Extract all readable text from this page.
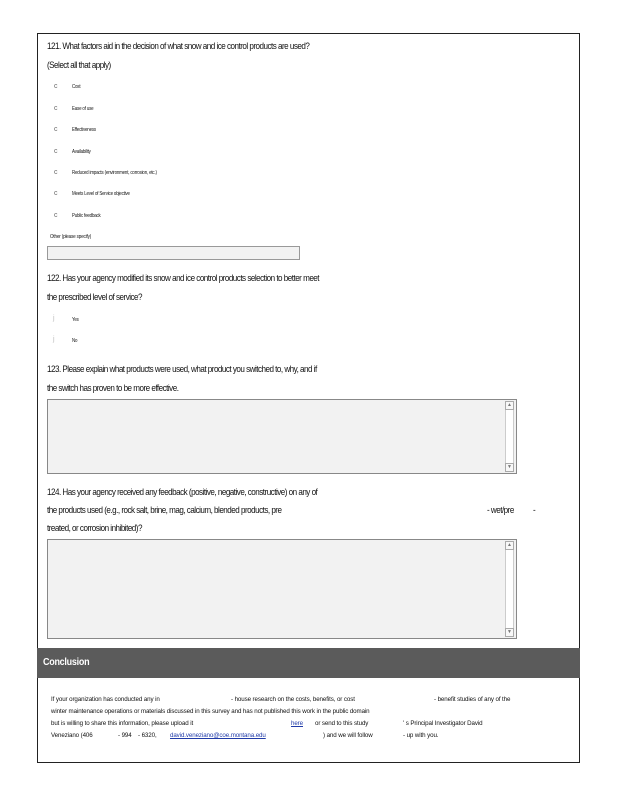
121. What factors aid in the decision of what snow and ice control products are used?
(Select all that apply)
c	Cost
c	Ease of use
c	Effectiveness
c	Availability
c	Reduced impacts (environment, corrosion, etc.)
c	Meets Level of Service objective
c	Public feedback
Other (please specify)
122. Has your agency modified its snow and ice control products selection to better meet
the prescribed level of service?
j	Yes
j	No
123. Please explain what products were used, what product you switched to, why, and if
the switch has proven to be more effective.
▲
▼
124. Has your agency received any feedback (positive, negative, constructive) on any of
the products used (e.g., rock salt, brine, mag, calcium, blended products, pre	- wet/pre -
treated, or corrosion inhibited)?
▲
▼
Conclusion
If your organization has conducted any in	- house research on the costs, benefits, or cost	- benefit studies of any of the
winter maintenance operations or materials discussed in this survey and has not published this work in the public domain
but is willing to share this information, please upload it	here	or send to this study	' s Principal Investigator David
Veneziano (406	- 994 - 6320, david.veneziano@coe.montana.edu	) and we will follow	- up with you.
